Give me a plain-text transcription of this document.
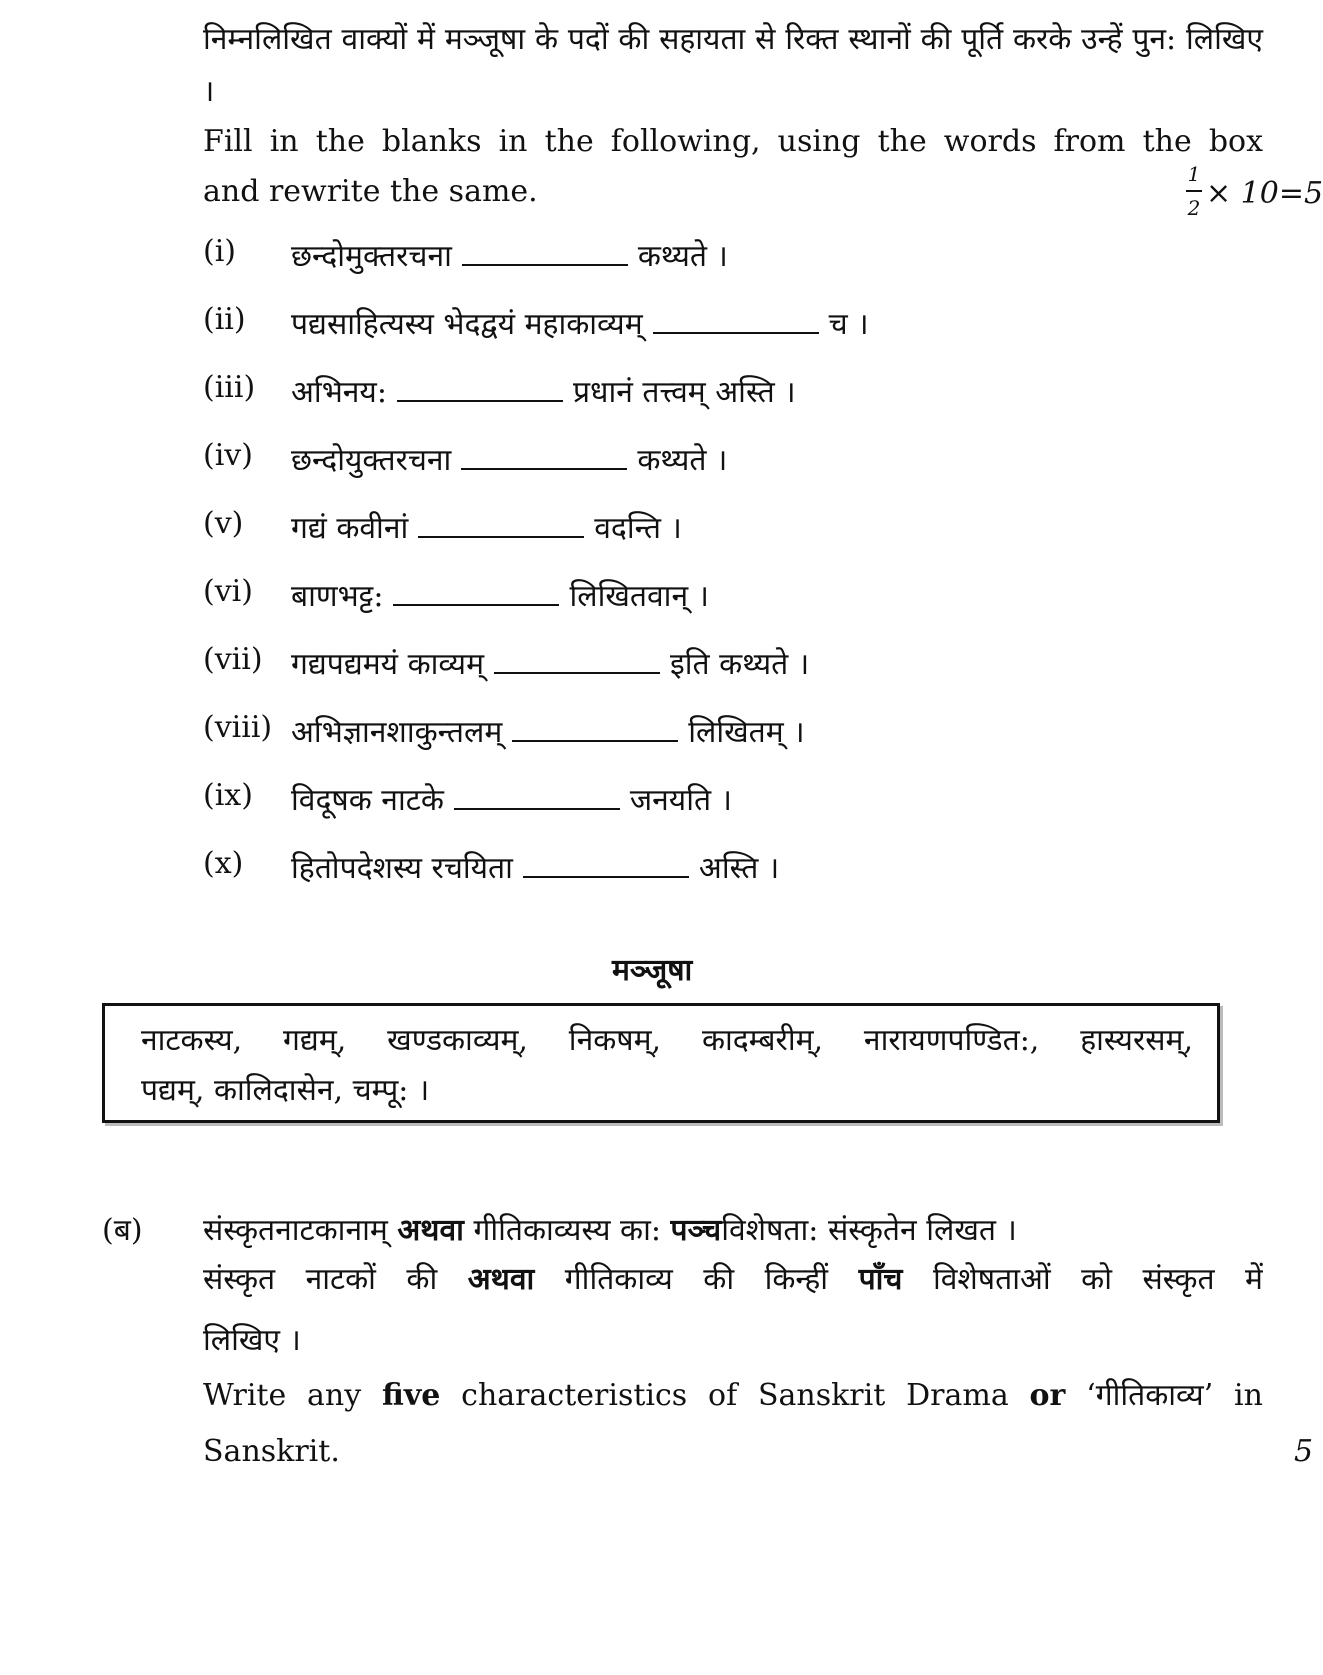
निम्नलिखित वाक्यों में मञ्जूषा के पदों की सहायता से रिक्त स्थानों की पूर्ति करके उन्हें पुन: लिखिए ।
Fill in the blanks in the following, using the words from the box
and rewrite the same.	1
2 × 10=5
(i) छन्दोमुक्तरचना	कथ्यते ।
(ii) पद्यसाहित्यस्य भेदद्वयं महाकाव्यम्	च ।
(iii) अभिनय:	प्रधानं तत्त्वम् अस्ति ।
(iv) छन्दोयुक्तरचना	कथ्यते ।
(v) गद्यं कवीनां	वदन्ति ।
(vi) बाणभट्ट:	लिखितवान् ।
(vii) गद्यपद्यमयं काव्यम्	इति कथ्यते ।
(viii) अभिज्ञानशाकुन्तलम्	लिखितम् ।
(ix) विदूषक नाटके	जनयति ।
(x) हितोपदेशस्य रचयिता	अस्ति ।
मञ्जूषा
नाटकस्य, गद्यम्, खण्डकाव्यम्, निकषम्, कादम्बरीम्, नारायणपण्डित:, हास्यरसम्,
पद्यम्, कालिदासेन, चम्पू: ।
(ब) संस्कृतनाटकानाम् अथवा गीतिकाव्यस्य का: पञ्चविशेषता: संस्कृतेन लिखत ।
संस्कृत नाटकों की अथवा गीतिकाव्य की किन्हीं पाँच विशेषताओं को संस्कृत में
लिखिए ।
Write any five characteristics of Sanskrit Drama or ‘गीतिकाव्य’ in
Sanskrit.	5
